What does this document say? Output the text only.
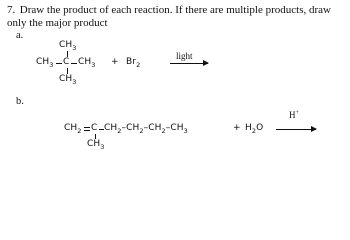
7. Draw the product of each reaction. If there are multiple products, draw only the major product
a.
$CH_3$
$CH_3$ C $CH_3$
$CH_3$
+ $Br_2$
light
b.
$CH_2$ C $CH_2-CH_2-CH_2-CH_3$
$CH_3$
+ $H_2O$
H+
